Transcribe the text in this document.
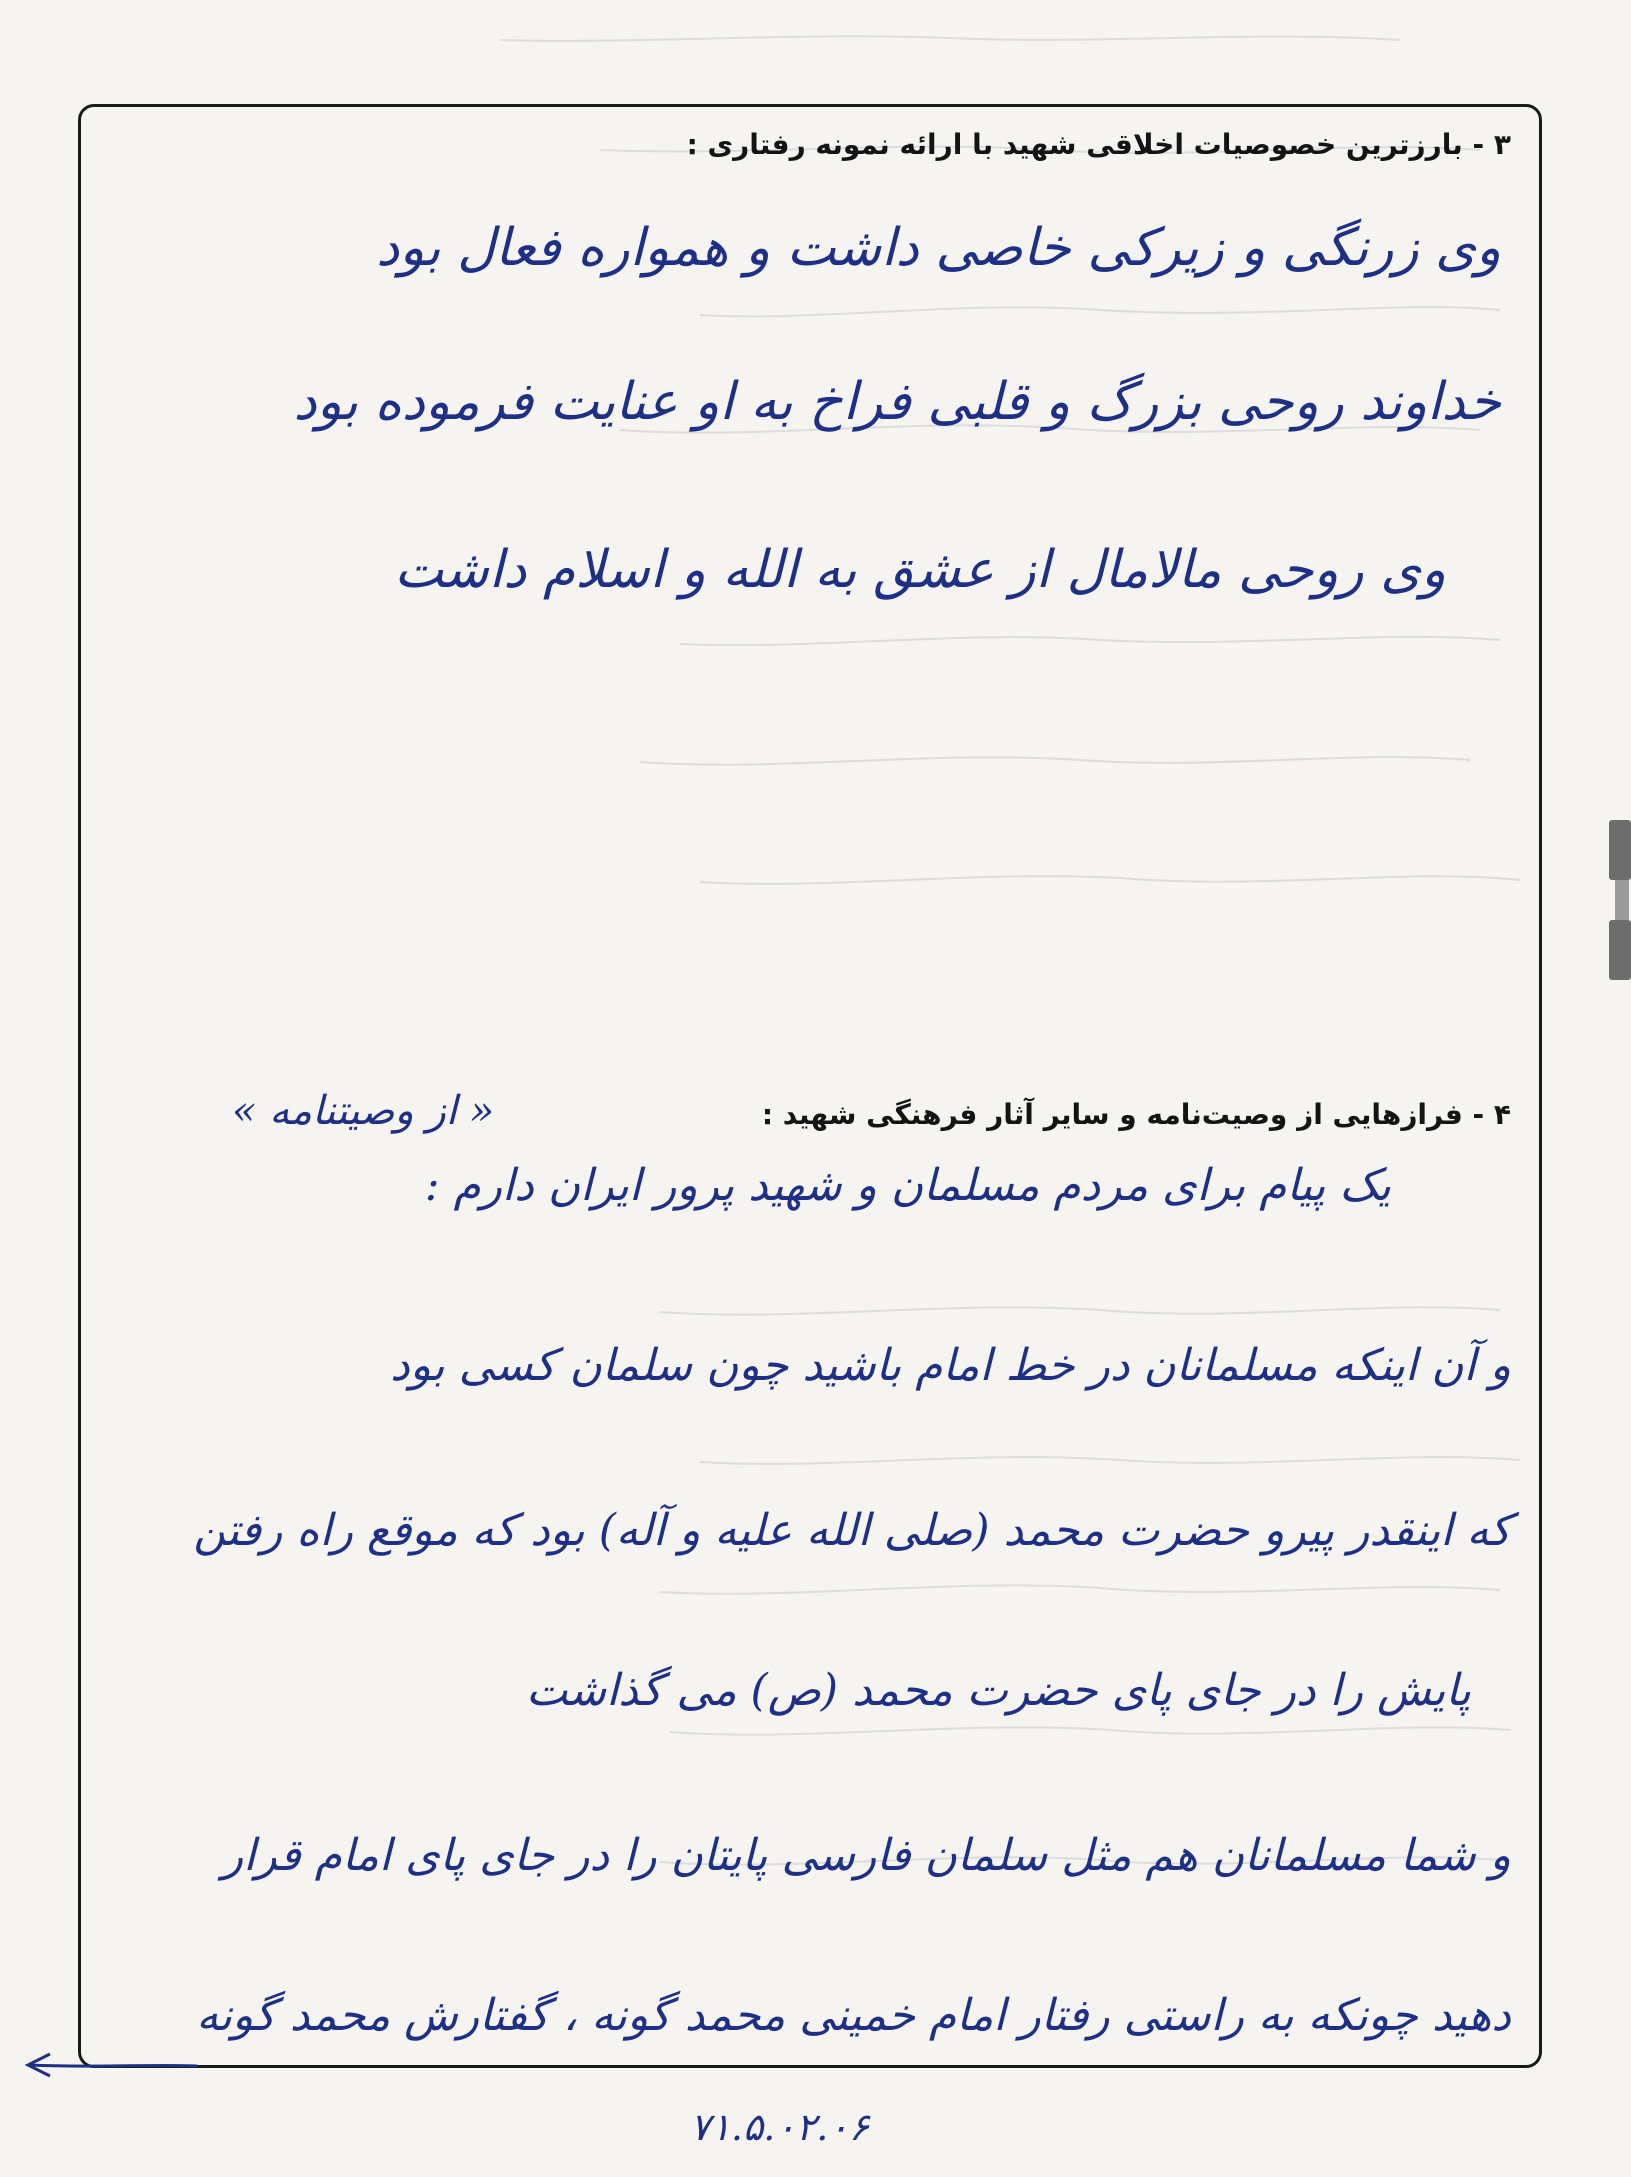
۳ - بارزترین خصوصیات اخلاقی شهید با ارائه نمونه رفتاری :
وی زرنگی و زیرکی خاصی داشت و همواره فعال بود
خداوند روحی بزرگ و قلبی فراخ به او عنایت فرموده بود
وی روحی مالامال از عشق به الله و اسلام داشت
۴ - فرازهایی از وصیت‌نامه و سایر آثار فرهنگی شهید :
« از وصیتنامه »
یک پیام برای مردم مسلمان و شهید پرور ایران دارم :
و آن اینکه مسلمانان در خط امام باشید چون سلمان کسی بود
که اینقدر پیرو حضرت محمد (صلی الله علیه و آله) بود که موقع راه رفتن
پایش را در جای پای حضرت محمد (ص) می گذاشت
و شما مسلمانان هم مثل سلمان فارسی پایتان را در جای پای امام قرار
دهید چونکه به راستی رفتار امام خمینی محمد گونه ، گفتارش محمد گونه
۷۱.۵.۰۲.۰۶
